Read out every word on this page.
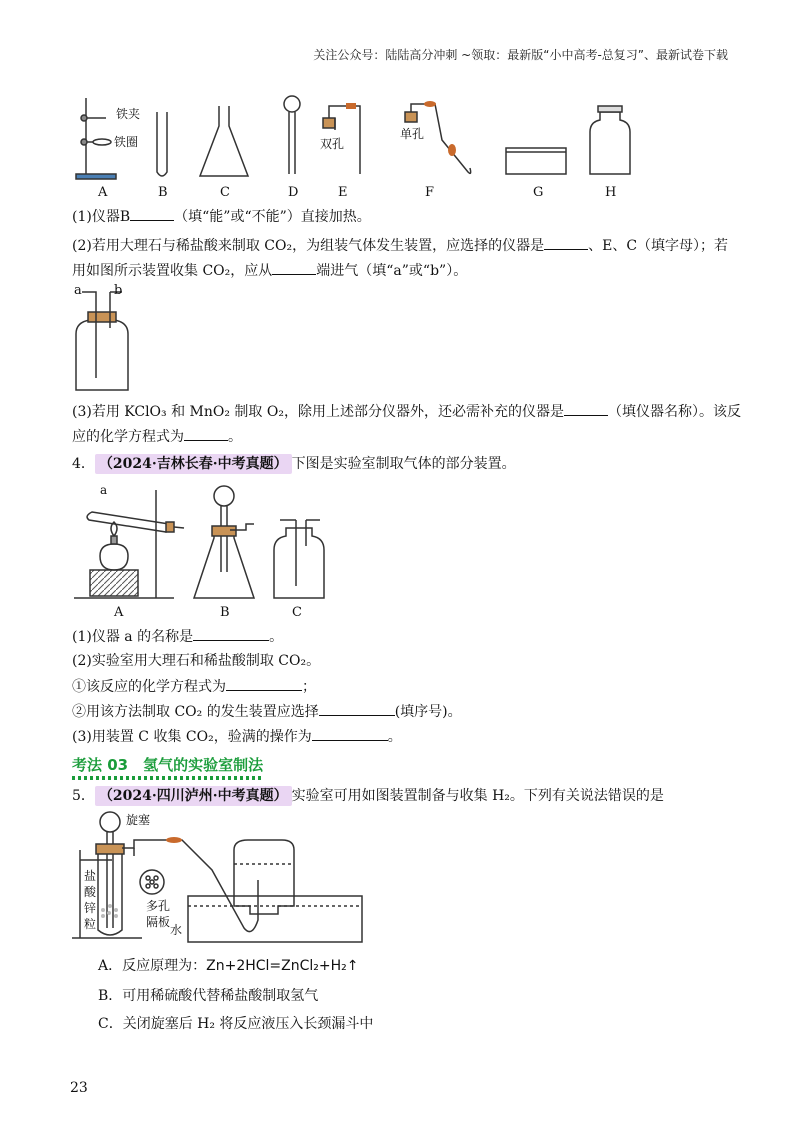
关注公众号：陆陆高分冲刺 ~领取：最新版“小中高考-总复习”、最新试卷下载
铁夹
铁圈	双孔
单孔
A	B	C	D	E	F	G	H
(1)仪器B	（填“能”或“不能”）直接加热。
(2)若用大理石与稀盐酸来制取 CO₂，为组装气体发生装置，应选择的仪器是	、E、C（填字母）；若
用如图所示装置收集 CO₂，应从	端进气（填“a”或“b”）。
a b
(3)若用 KClO₃ 和 MnO₂ 制取 O₂，除用上述部分仪器外，还必需补充的仪器是	（填仪器名称）。该反
应的化学方程式为	。
4． （2024·吉林长春·中考真题） 下图是实验室制取气体的部分装置。
a
A	B	C
(1)仪器 a 的名称是	。
(2)实验室用大理石和稀盐酸制取 CO₂。
①该反应的化学方程式为	；
②用该方法制取 CO₂ 的发生装置应选择	(填序号)。
(3)用装置 C 收集 CO₂，验满的操作为	。
考法 03　氢气的实验室制法
5． （2024·四川泸州·中考真题） 实验室可用如图装置制备与收集 H₂。下列有关说法错误的是
旋塞
盐
酸
锌
粒
多孔
隔板
水
A．反应原理为：Zn+2HCl=ZnCl₂+H₂↑
B．可用稀硫酸代替稀盐酸制取氢气
C．关闭旋塞后 H₂ 将反应液压入长颈漏斗中
23
